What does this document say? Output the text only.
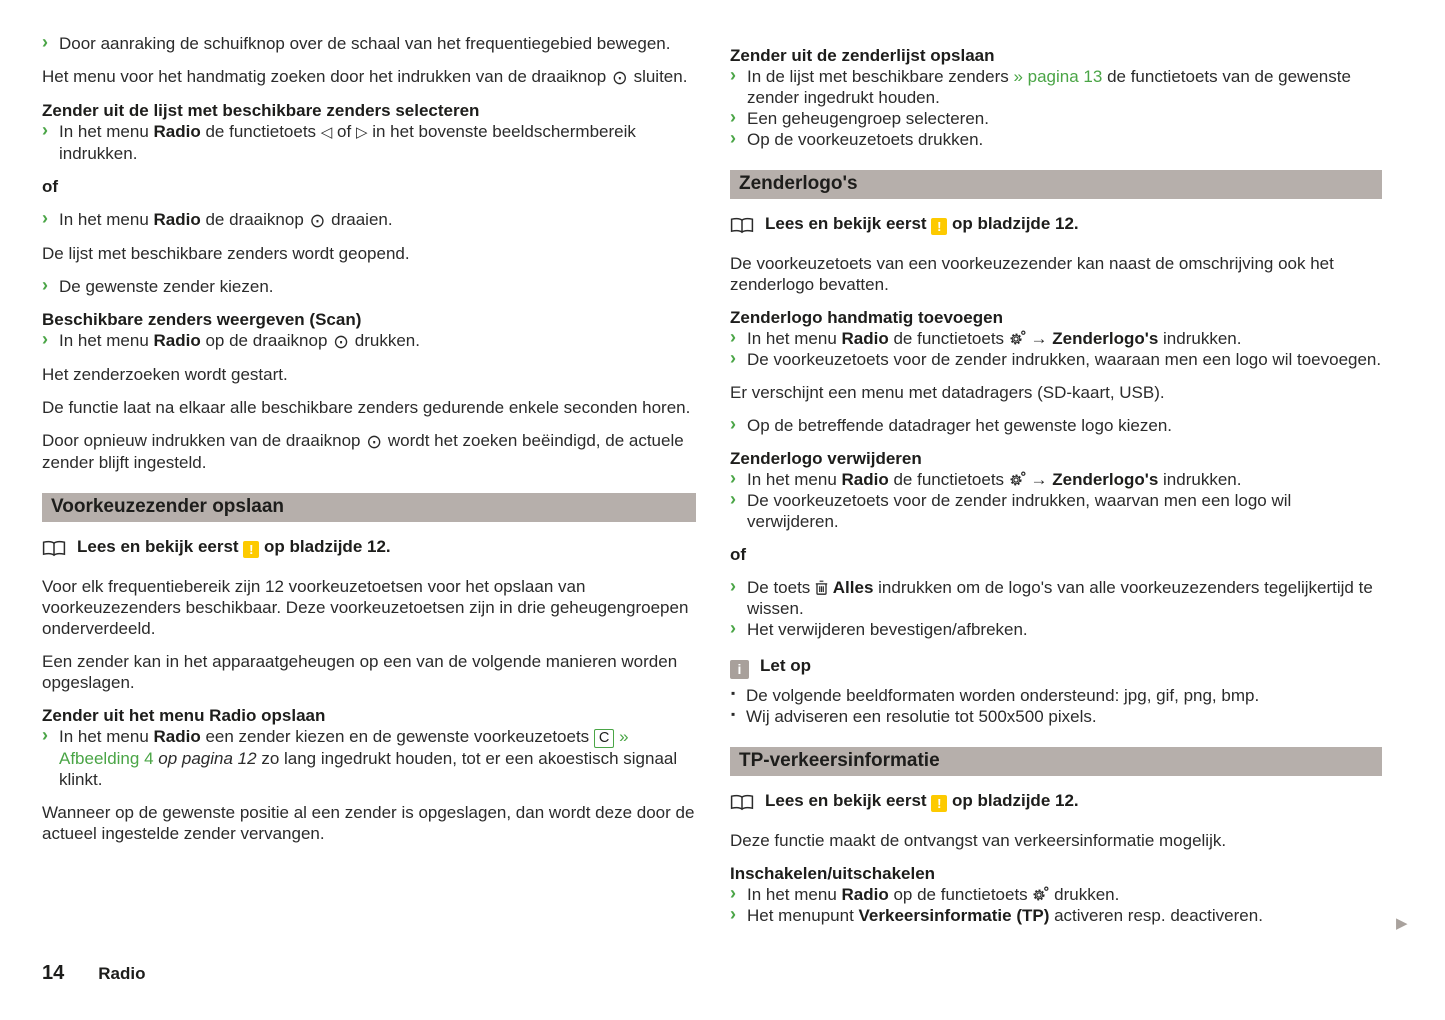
› Door aanraking de schuifknop over de schaal van het frequentiegebied bewegen.
Het menu voor het handmatig zoeken door het indrukken van de draaiknop ⊙ sluiten.
Zender uit de lijst met beschikbare zenders selecteren
› In het menu Radio de functietoets ◁ of ▷ in het bovenste beeldschermbereik indrukken.
of
› In het menu Radio de draaiknop ⊙ draaien.
De lijst met beschikbare zenders wordt geopend.
› De gewenste zender kiezen.
Beschikbare zenders weergeven (Scan)
› In het menu Radio op de draaiknop ⊙ drukken.
Het zenderzoeken wordt gestart.
De functie laat na elkaar alle beschikbare zenders gedurende enkele seconden horen.
Door opnieuw indrukken van de draaiknop ⊙ wordt het zoeken beëindigd, de actuele zender blijft ingesteld.
Voorkeuzezender opslaan
Lees en bekijk eerst ! op bladzijde 12.
Voor elk frequentiebereik zijn 12 voorkeuzetoetsen voor het opslaan van voorkeuzezenders beschikbaar. Deze voorkeuzetoetsen zijn in drie geheugengroepen onderverdeeld.
Een zender kan in het apparaatgeheugen op een van de volgende manieren worden opgeslagen.
Zender uit het menu Radio opslaan
› In het menu Radio een zender kiezen en de gewenste voorkeuzetoets C » Afbeelding 4 op pagina 12 zo lang ingedrukt houden, tot er een akoestisch signaal klinkt.
Wanneer op de gewenste positie al een zender is opgeslagen, dan wordt deze door de actueel ingestelde zender vervangen.
Zender uit de zenderlijst opslaan
› In de lijst met beschikbare zenders » pagina 13 de functietoets van de gewenste zender ingedrukt houden.
› Een geheugengroep selecteren.
› Op de voorkeuzetoets drukken.
Zenderlogo's
Lees en bekijk eerst ! op bladzijde 12.
De voorkeuzetoets van een voorkeuzezender kan naast de omschrijving ook het zenderlogo bevatten.
Zenderlogo handmatig toevoegen
› In het menu Radio de functietoets  → Zenderlogo's indrukken.
› De voorkeuzetoets voor de zender indrukken, waaraan men een logo wil toevoegen.
Er verschijnt een menu met datadragers (SD-kaart, USB).
› Op de betreffende datadrager het gewenste logo kiezen.
Zenderlogo verwijderen
› In het menu Radio de functietoets  → Zenderlogo's indrukken.
› De voorkeuzetoets voor de zender indrukken, waarvan men een logo wil verwijderen.
of
› De toets  Alles indrukken om de logo's van alle voorkeuzezenders tegelijkertijd te wissen.
› Het verwijderen bevestigen/afbreken.
i Let op
▪ De volgende beeldformaten worden ondersteund: jpg, gif, png, bmp.
▪ Wij adviseren een resolutie tot 500x500 pixels.
TP-verkeersinformatie
Lees en bekijk eerst ! op bladzijde 12.
Deze functie maakt de ontvangst van verkeersinformatie mogelijk.
Inschakelen/uitschakelen
› In het menu Radio op de functietoets  drukken.
› Het menupunt Verkeersinformatie (TP) activeren resp. deactiveren.	▶
14 Radio
